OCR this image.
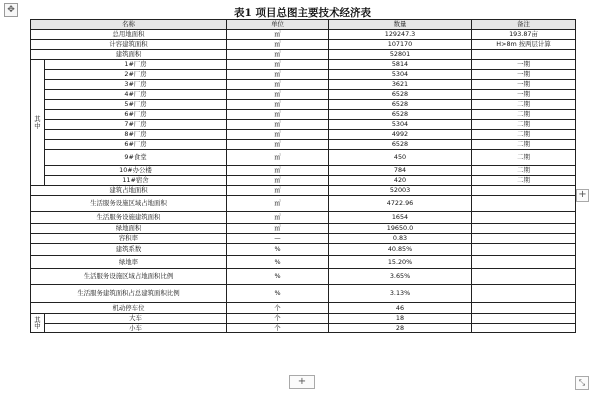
✥	表1 项目总图主要技术经济表
名称		单位	数量	备注
总用地面积		㎡	129247.3	193.87亩
计容建筑面积		㎡	107170	H>8m 按两层计算
建筑面积		㎡	52801	

其
中	1#厂房	㎡	5814	一期
	2#厂房	㎡	5304	一期
	3#厂房	㎡	3621	一期
	4#厂房	㎡	6528	一期
	5#厂房	㎡	6528	二期
	6#厂房	㎡	6528	二期
	7#厂房	㎡	5304	二期
	8#厂房	㎡	4992	二期
	6#厂房	㎡	6528	二期
	9#食堂	㎡	450	二期
	10#办公楼	㎡	784	二期
	11#宿舍	㎡	420	二期
建筑占地面积		㎡	52003	
生活服务设施区域占地面积		㎡	4722.96	
生活服务设施建筑面积		㎡	1654	
绿地面积		㎡	19650.0	
容积率		—	0.83	
建筑系数		%	40.85%	
绿地率		%	15.20%	
生活服务设施区域占地面积比例		%	3.65%	
生活服务建筑面积占总建筑面积比例		%	3.13%	
机动停车位		个	46	

其
中	大车	个	18	
	小车	个	28	
+
+	⤡
